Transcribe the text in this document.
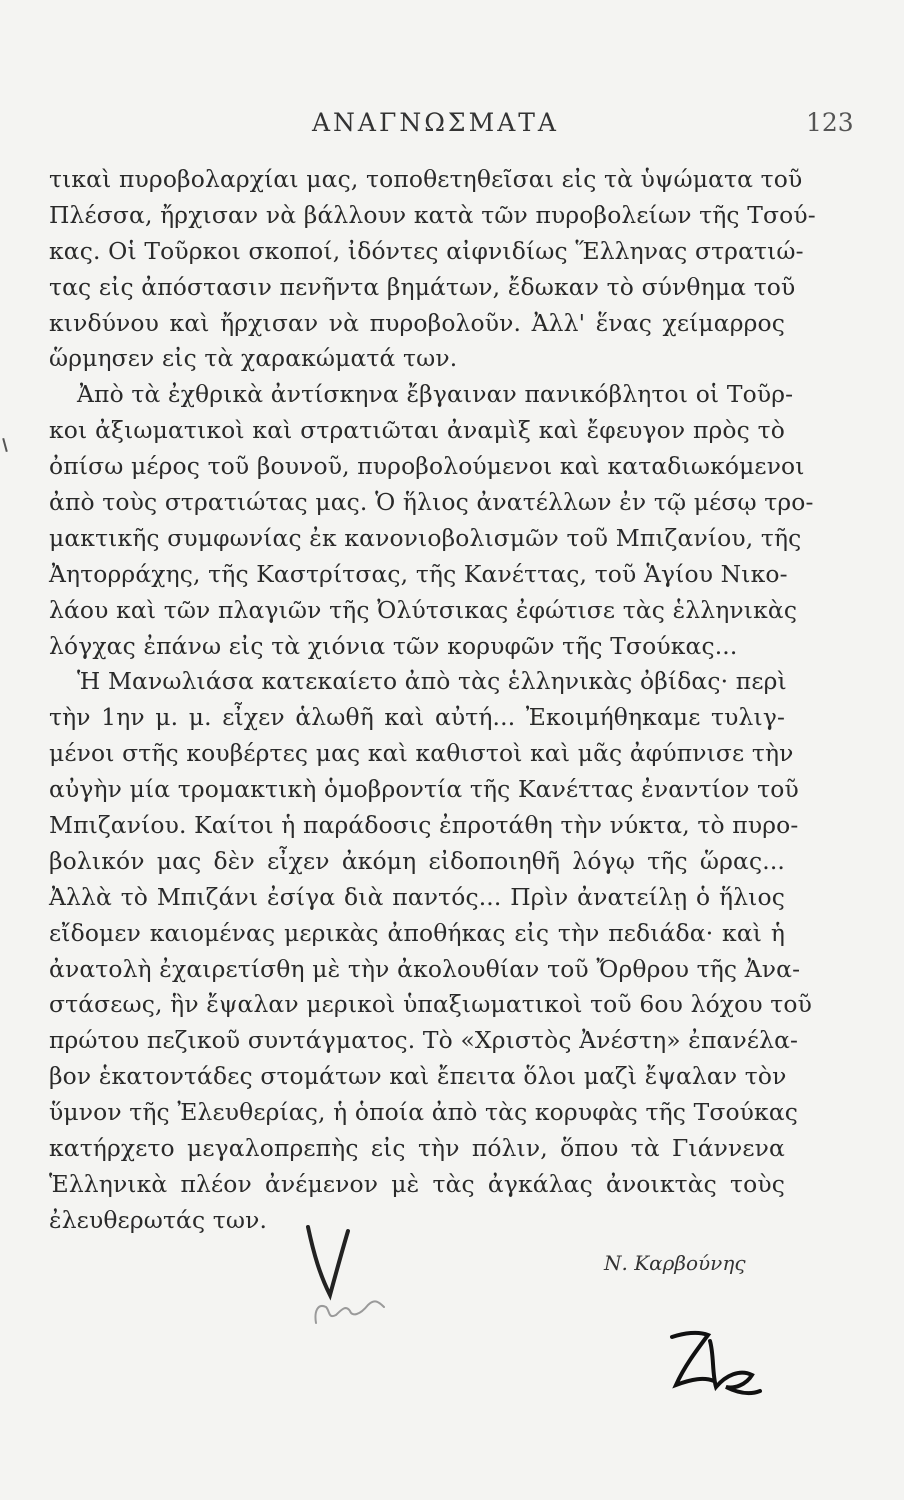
ΑΝΑΓΝΩΣΜΑΤΑ	123
τικαὶ πυροβολαρχίαι μας, τοποθετηθεῖσαι εἰς τὰ ὑψώματα τοῦ
Πλέσσα, ἤρχισαν νὰ βάλλουν κατὰ τῶν πυροβολείων τῆς Τσού-
κας. Οἱ Τοῦρκοι σκοποί, ἰδόντες αἰφνιδίως Ἕλληνας στρατιώ-
τας εἰς ἀπόστασιν πενῆντα βημάτων, ἔδωκαν τὸ σύνθημα τοῦ
κινδύνου καὶ ἤρχισαν νὰ πυροβολοῦν. Ἀλλ' ἕνας χείμαρρος
ὥρμησεν εἰς τὰ χαρακώματά των.
Ἀπὸ τὰ ἐχθρικὰ ἀντίσκηνα ἔβγαιναν πανικόβλητοι οἱ Τοῦρ-
κοι ἀξιωματικοὶ καὶ στρατιῶται ἀναμὶξ καὶ ἔφευγον πρὸς τὸ
ὀπίσω μέρος τοῦ βουνοῦ, πυροβολούμενοι καὶ καταδιωκόμενοι
ἀπὸ τοὺς στρατιώτας μας. Ὁ ἥλιος ἀνατέλλων ἐν τῷ μέσῳ τρο-
μακτικῆς συμφωνίας ἐκ κανονιοβολισμῶν τοῦ Μπιζανίου, τῆς
Ἀητορράχης, τῆς Καστρίτσας, τῆς Κανέττας, τοῦ Ἁγίου Νικο-
λάου καὶ τῶν πλαγιῶν τῆς Ὀλύτσικας ἐφώτισε τὰς ἑλληνικὰς
λόγχας ἐπάνω εἰς τὰ χιόνια τῶν κορυφῶν τῆς Τσούκας...
Ἡ Μανωλιάσα κατεκαίετο ἀπὸ τὰς ἑλληνικὰς ὀβίδας· περὶ
τὴν 1ην μ. μ. εἶχεν ἁλωθῆ καὶ αὐτή... Ἐκοιμήθηκαμε τυλιγ-
μένοι στῆς κουβέρτες μας καὶ καθιστοὶ καὶ μᾶς ἀφύπνισε τὴν
αὐγὴν μία τρομακτικὴ ὁμοβροντία τῆς Κανέττας ἐναντίον τοῦ
Μπιζανίου. Καίτοι ἡ παράδοσις ἐπροτάθη τὴν νύκτα, τὸ πυρο-
βολικόν μας δὲν εἶχεν ἀκόμη εἰδοποιηθῆ λόγῳ τῆς ὥρας...
Ἀλλὰ τὸ Μπιζάνι ἐσίγα διὰ παντός... Πρὶν ἀνατείλῃ ὁ ἥλιος
εἴδομεν καιομένας μερικὰς ἀποθήκας εἰς τὴν πεδιάδα· καὶ ἡ
ἀνατολὴ ἐχαιρετίσθη μὲ τὴν ἀκολουθίαν τοῦ Ὄρθρου τῆς Ἀνα-
στάσεως, ἣν ἔψαλαν μερικοὶ ὑπαξιωματικοὶ τοῦ 6ου λόχου τοῦ
πρώτου πεζικοῦ συντάγματος. Τὸ «Χριστὸς Ἀνέστη» ἐπανέλα-
βον ἑκατοντάδες στομάτων καὶ ἔπειτα ὅλοι μαζὶ ἔψαλαν τὸν
ὕμνον τῆς Ἐλευθερίας, ἡ ὁποία ἀπὸ τὰς κορυφὰς τῆς Τσούκας
κατήρχετο μεγαλοπρεπὴς εἰς τὴν πόλιν, ὅπου τὰ Γιάννενα
Ἑλληνικὰ πλέον ἀνέμενον μὲ τὰς ἀγκάλας ἀνοικτὰς τοὺς
ἐλευθερωτάς των.
Ν. Καρβούνης
